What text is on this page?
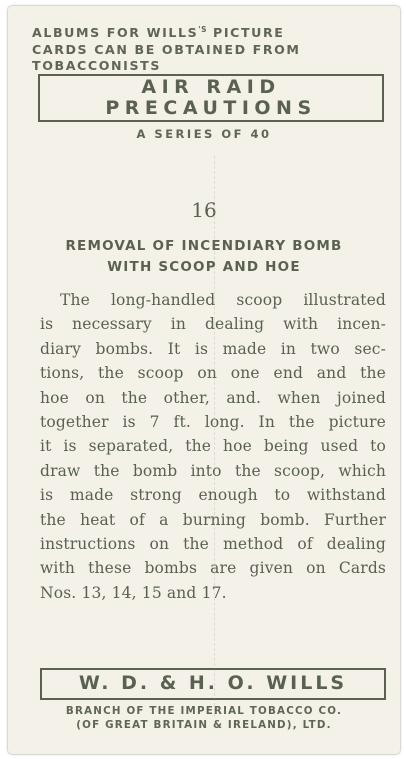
ALBUMS FOR $WILLS^{'S}$ PICTURE
CARDS CAN BE OBTAINED FROM
TOBACCONISTS
AIR RAID
PRECAUTIONS
A SERIES OF 40
16
REMOVAL OF INCENDIARY BOMB
WITH SCOOP AND HOE
The long-handled scoop illustrated
is necessary in dealing with incen-
diary bombs. It is made in two sec-
tions, the scoop on one end and the
hoe on the other, and. when joined
together is 7 ft. long. In the picture
it is separated, the hoe being used to
draw the bomb into the scoop, which
is made strong enough to withstand
the heat of a burning bomb. Further
instructions on the method of dealing
with these bombs are given on Cards
Nos. 13, 14, 15 and 17.
W. D. & H. O. WILLS
BRANCH OF THE IMPERIAL TOBACCO CO.
(OF GREAT BRITAIN & IRELAND), LTD.
